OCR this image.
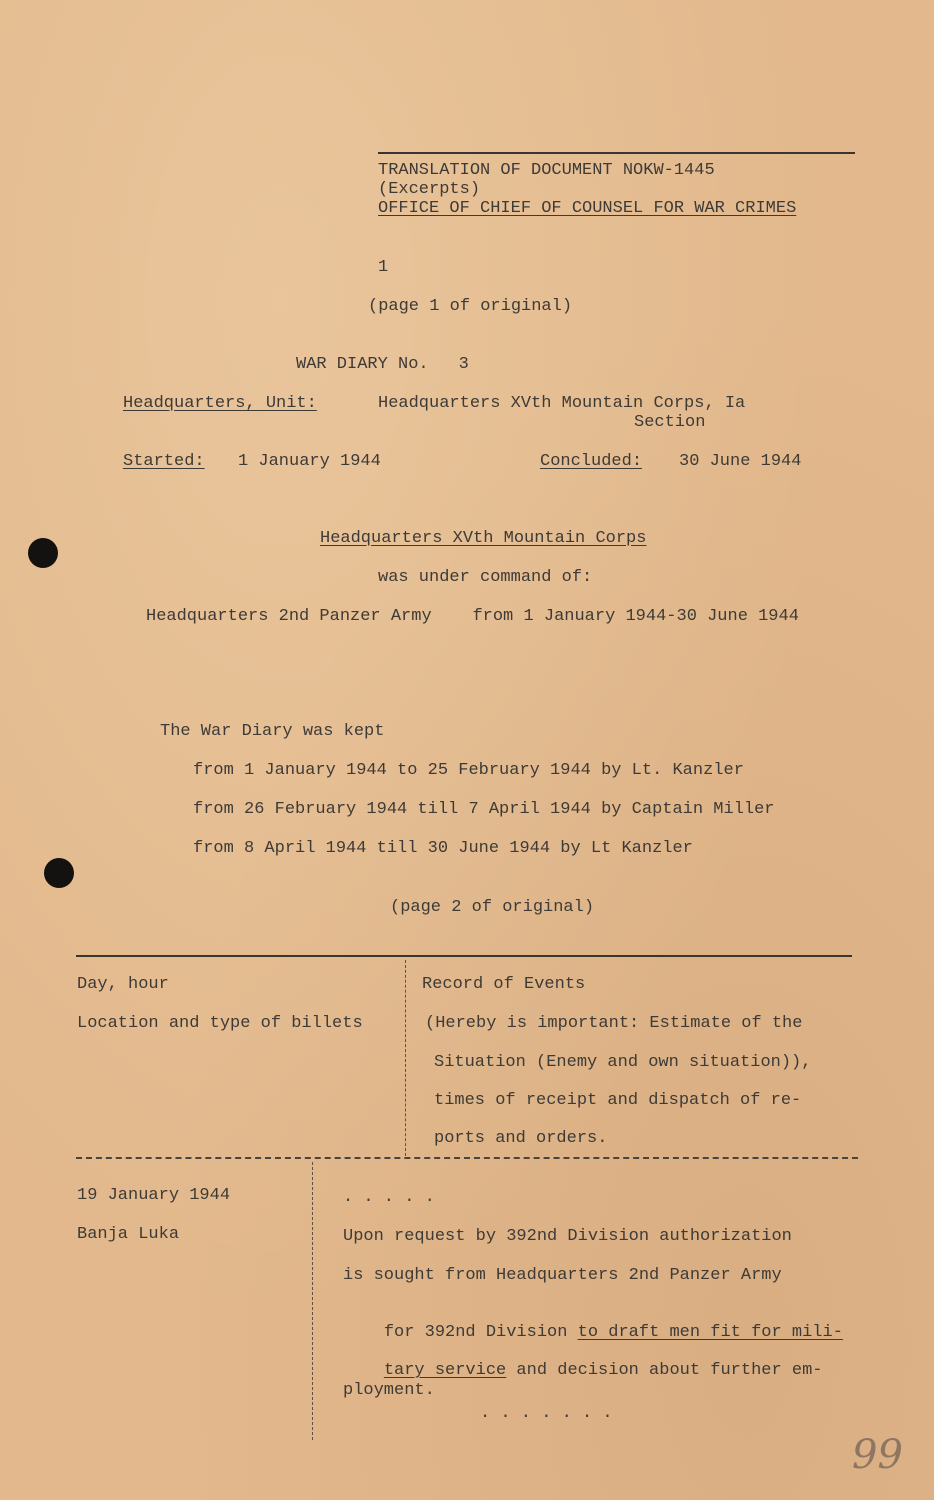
TRANSLATION OF DOCUMENT NOKW-1445
(Excerpts)
OFFICE OF CHIEF OF COUNSEL FOR WAR CRIMES
1
(page 1 of original)
WAR DIARY No. 3
Headquarters, Unit:	Headquarters XVth Mountain Corps, Ia
Section
Started: 1 January 1944	Concluded: 30 June 1944
Headquarters XVth Mountain Corps
was under command of:
Headquarters 2nd Panzer Army    from 1 January 1944-30 June 1944
The War Diary was kept
from 1 January 1944 to 25 February 1944 by Lt. Kanzler
from 26 February 1944 till 7 April 1944 by Captain Miller
from 8 April 1944 till 30 June 1944 by Lt Kanzler
(page 2 of original)
Day, hour
Location and type of billets
Record of Events
(Hereby is important: Estimate of the
Situation (Enemy and own situation)),
times of receipt and dispatch of re-
ports and orders.
19 January 1944
Banja Luka
. . . . .
Upon request by 392nd Division authorization
is sought from Headquarters 2nd Panzer Army

for 392nd Division to draft men fit for mili-

tary service and decision about further em-

ployment.
. . . . . . .
99
